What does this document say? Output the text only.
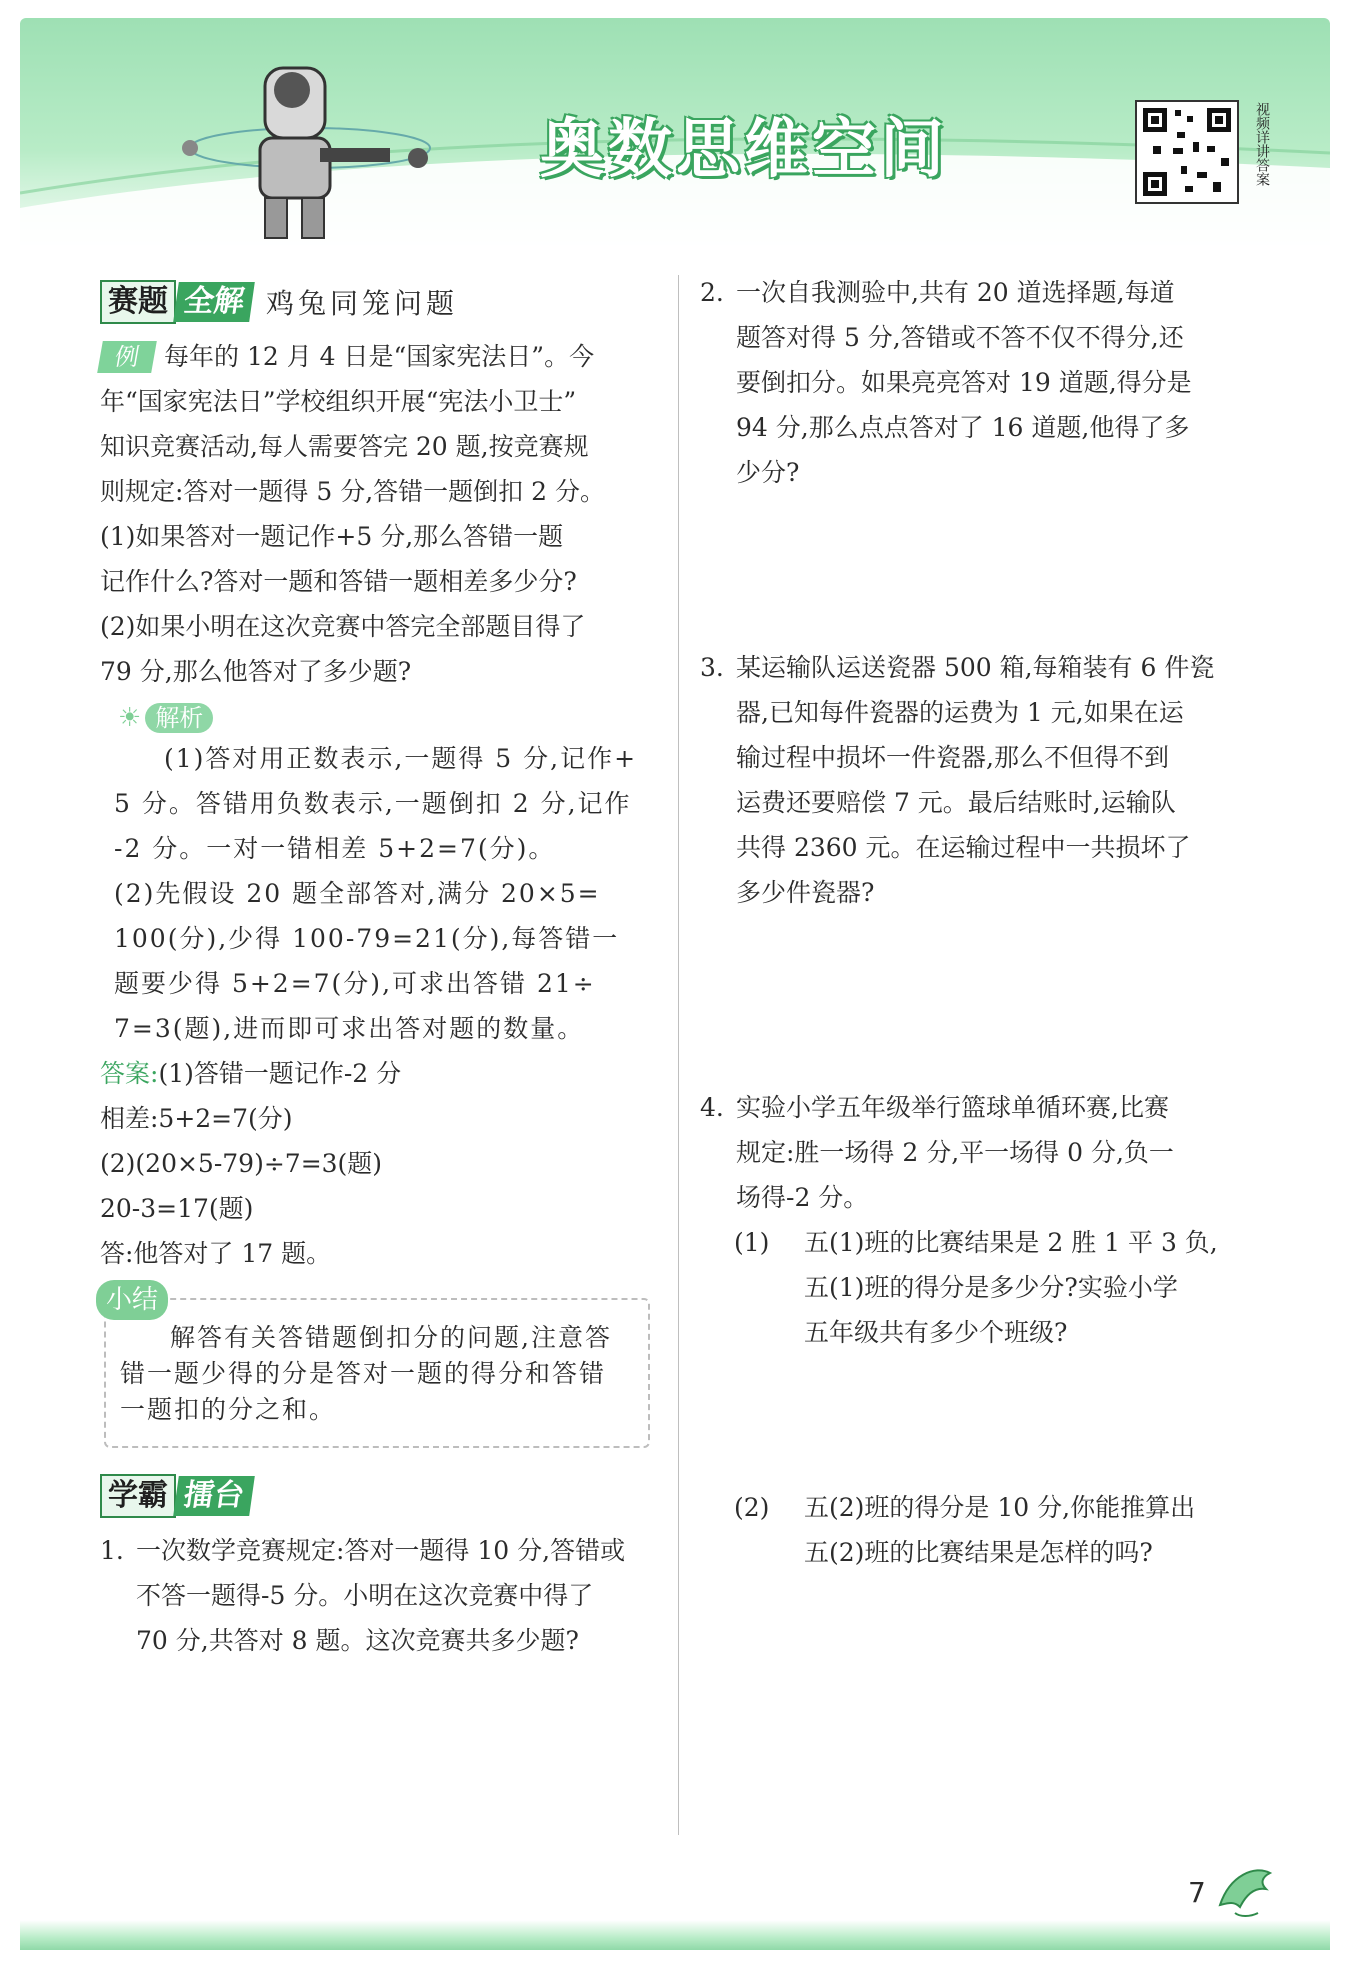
奥数思维空间	视频详讲答案
赛题 全解 鸡兔同笼问题

例 每年的 12 月 4 日是“国家宪法日”。今

年“国家宪法日”学校组织开展“宪法小卫士”

知识竞赛活动,每人需要答完 20 题,按竞赛规

则规定:答对一题得 5 分,答错一题倒扣 2 分。

(1)如果答对一题记作+5 分,那么答错一题

记作什么?答对一题和答错一题相差多少分?

(2)如果小明在这次竞赛中答完全部题目得了

79 分,那么他答对了多少题?

☀ 解析

(1)答对用正数表示,一题得 5 分,记作+

5 分。答错用负数表示,一题倒扣 2 分,记作

-2 分。一对一错相差 5+2=7(分)。

(2)先假设 20 题全部答对,满分 20×5=

100(分),少得 100-79=21(分),每答错一

题要少得 5+2=7(分),可求出答错 21÷

7=3(题),进而即可求出答对题的数量。

答案:(1)答错一题记作-2 分

相差:5+2=7(分)

(2)(20×5-79)÷7=3(题)

20-3=17(题)

答:他答对了 17 题。

小结

解答有关答错题倒扣分的问题,注意答

错一题少得的分是答对一题的得分和答错

一题扣的分之和。

学霸 擂台
1. 一次数学竞赛规定:答对一题得 10 分,答错或

不答一题得-5 分。小明在这次竞赛中得了

70 分,共答对 8 题。这次竞赛共多少题?

2. 一次自我测验中,共有 20 道选择题,每道

题答对得 5 分,答错或不答不仅不得分,还

要倒扣分。如果亮亮答对 19 道题,得分是

94 分,那么点点答对了 16 道题,他得了多

少分?

3. 某运输队运送瓷器 500 箱,每箱装有 6 件瓷

器,已知每件瓷器的运费为 1 元,如果在运

输过程中损坏一件瓷器,那么不但得不到

运费还要赔偿 7 元。最后结账时,运输队

共得 2360 元。在运输过程中一共损坏了

多少件瓷器?

4. 实验小学五年级举行篮球单循环赛,比赛

规定:胜一场得 2 分,平一场得 0 分,负一

场得-2 分。

(1)	五(1)班的比赛结果是 2 胜 1 平 3 负,

五(1)班的得分是多少分?实验小学

五年级共有多少个班级?

(2)	五(2)班的得分是 10 分,你能推算出

五(2)班的比赛结果是怎样的吗?

7
